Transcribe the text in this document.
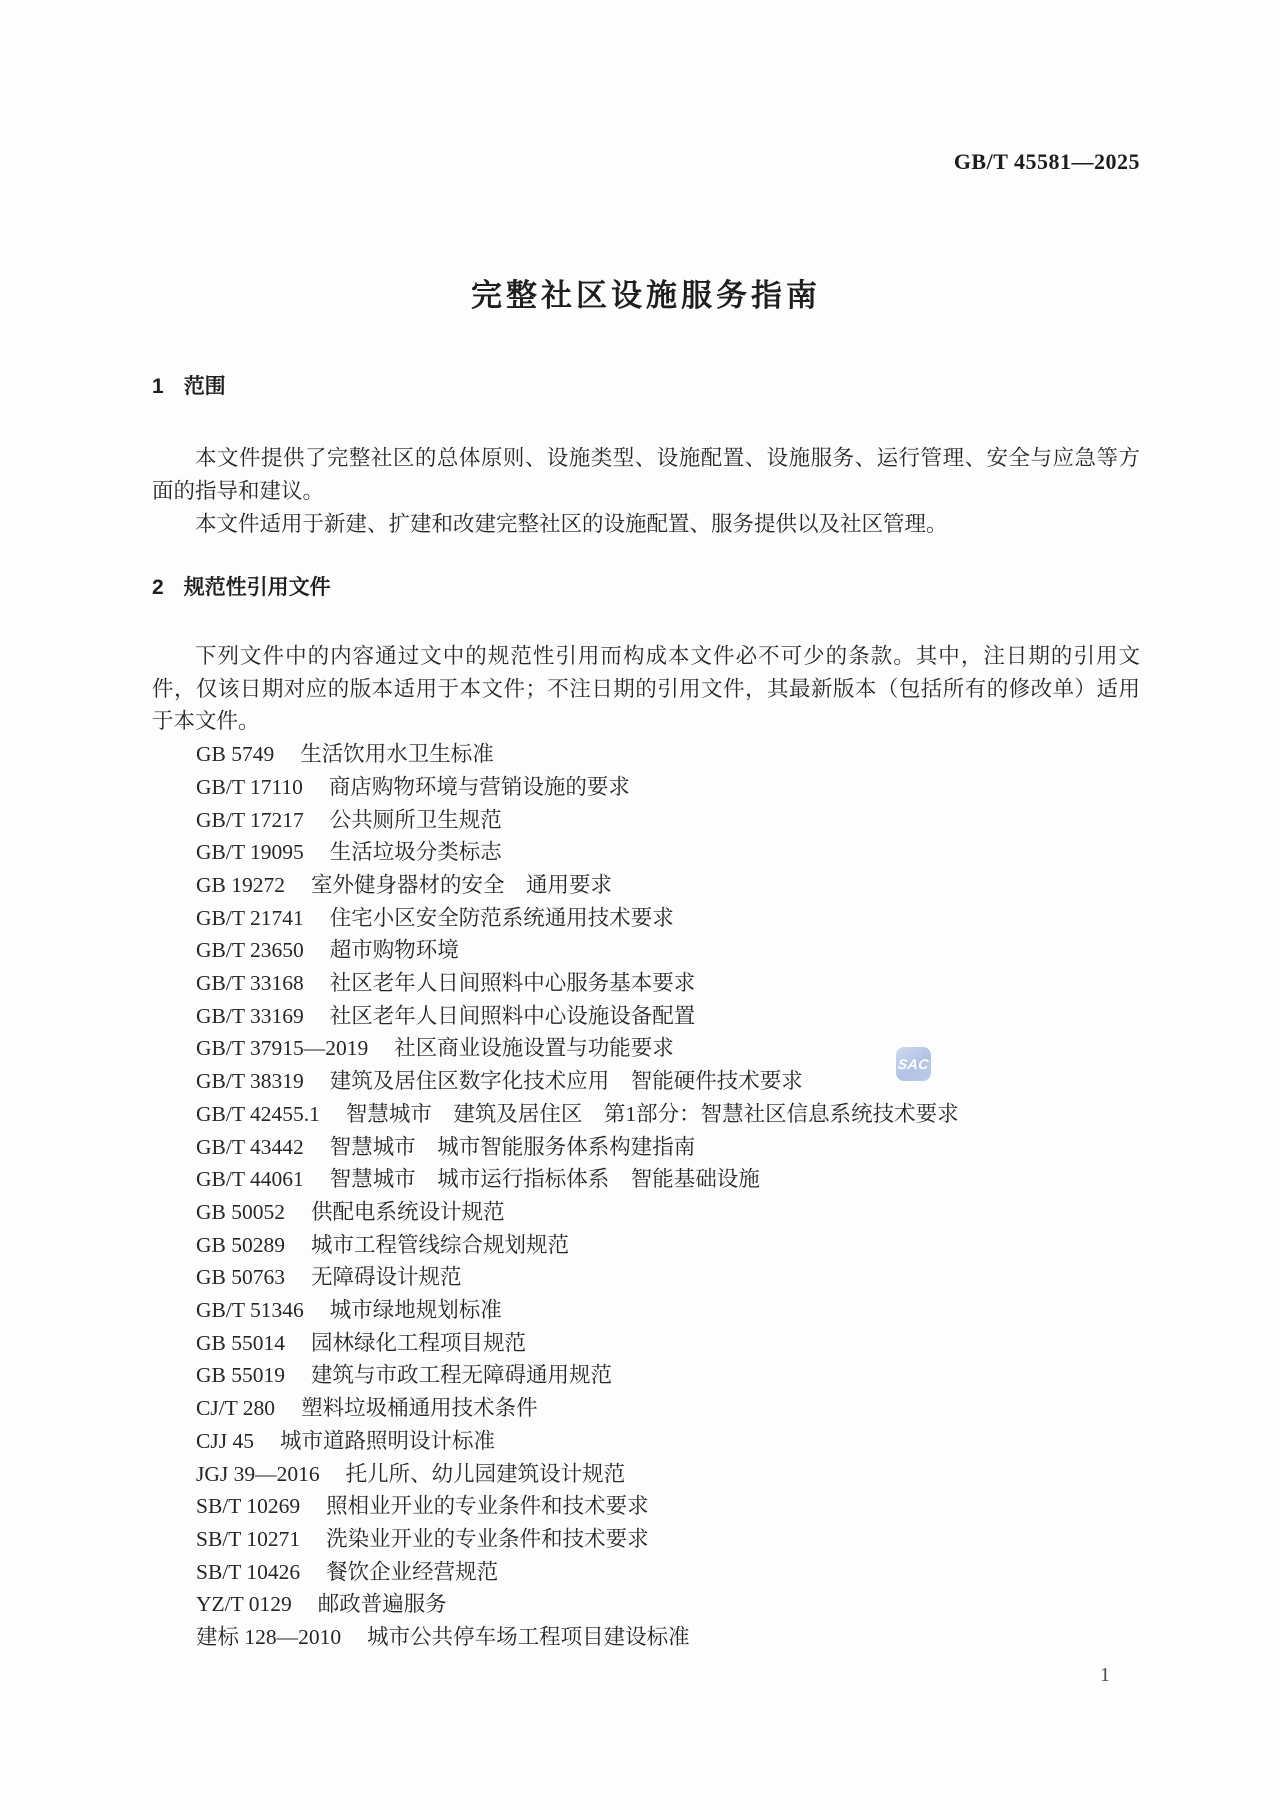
GB/T 45581—2025
完整社区设施服务指南
1 范围

本文件提供了完整社区的总体原则、设施类型、设施配置、设施服务、运行管理、安全与应急等方面的指导和建议。

本文件适用于新建、扩建和改建完整社区的设施配置、服务提供以及社区管理。

2 规范性引用文件

下列文件中的内容通过文中的规范性引用而构成本文件必不可少的条款。其中，注日期的引用文件，仅该日期对应的版本适用于本文件；不注日期的引用文件，其最新版本（包括所有的修改单）适用于本文件。

GB 5749 生活饮用水卫生标准
GB/T 17110 商店购物环境与营销设施的要求
GB/T 17217 公共厕所卫生规范
GB/T 19095 生活垃圾分类标志
GB 19272 室外健身器材的安全　通用要求
GB/T 21741 住宅小区安全防范系统通用技术要求
GB/T 23650 超市购物环境
GB/T 33168 社区老年人日间照料中心服务基本要求
GB/T 33169 社区老年人日间照料中心设施设备配置
GB/T 37915—2019 社区商业设施设置与功能要求
GB/T 38319 建筑及居住区数字化技术应用　智能硬件技术要求
GB/T 42455.1 智慧城市　建筑及居住区　第1部分：智慧社区信息系统技术要求
GB/T 43442 智慧城市　城市智能服务体系构建指南
GB/T 44061 智慧城市　城市运行指标体系　智能基础设施
GB 50052 供配电系统设计规范
GB 50289 城市工程管线综合规划规范
GB 50763 无障碍设计规范
GB/T 51346 城市绿地规划标准
GB 55014 园林绿化工程项目规范
GB 55019 建筑与市政工程无障碍通用规范
CJ/T 280 塑料垃圾桶通用技术条件
CJJ 45 城市道路照明设计标准
JGJ 39—2016 托儿所、幼儿园建筑设计规范
SB/T 10269 照相业开业的专业条件和技术要求
SB/T 10271 洗染业开业的专业条件和技术要求
SB/T 10426 餐饮企业经营规范
YZ/T 0129 邮政普遍服务
建标 128—2010 城市公共停车场工程项目建设标准
SAC
1
